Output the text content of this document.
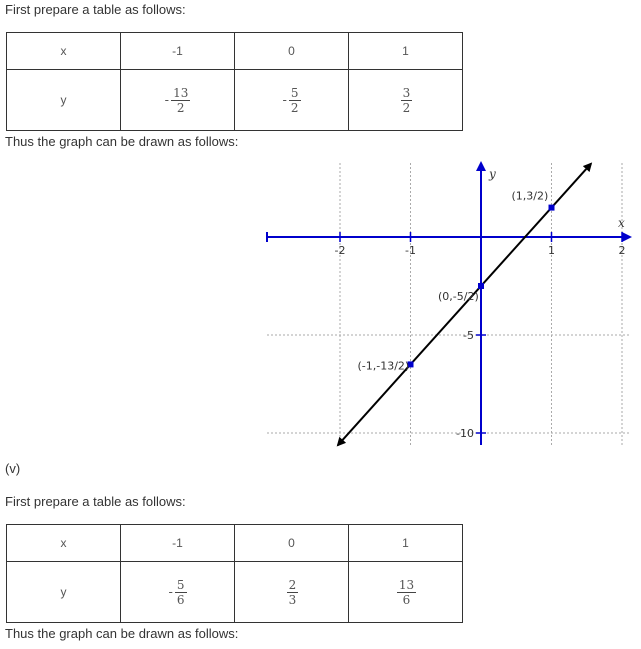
First prepare a table as follows:

x	-1	0	1
y	- $\frac{13}{2}$	- $\frac{5}{2}$	$\frac{3}{2}$

Thus the graph can be drawn as follows:

-2	-1	1	2
-5
-10
(-1,-13/2)
(0,-5/2)
(1,3/2)
x
y

(v)

First prepare a table as follows:

x	-1	0	1
y	- $\frac{5}{6}$	$\frac{2}{3}$	$\frac{13}{6}$

Thus the graph can be drawn as follows:
